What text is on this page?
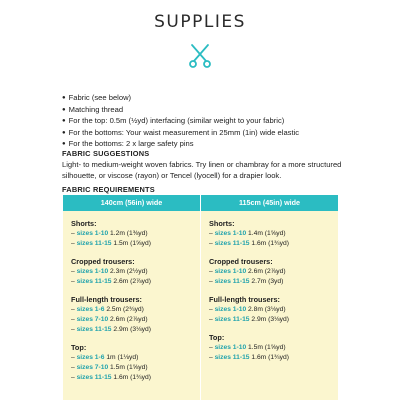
SUPPLIES
● Fabric (see below)
● Matching thread
● For the top: 0.5m (½yd) interfacing (similar weight to your fabric)
● For the bottoms: Your waist measurement in 25mm (1in) wide elastic
● For the bottoms: 2 x large safety pins
FABRIC SUGGESTIONS

Light- to medium-weight woven fabrics. Try linen or chambray for a more structured silhouette, or viscose (rayon) or Tencel (lyocell) for a drapier look.

FABRIC REQUIREMENTS
140cm (56in) wide
Shorts:
– sizes 1-10 1.2m (1⅜yd)
– sizes 11-15 1.5m (1⅝yd)
Cropped trousers:
– sizes 1-10 2.3m (2½yd)
– sizes 11-15 2.6m (2⅞yd)
Full-length trousers:
– sizes 1-6 2.5m (2¾yd)
– sizes 7-10 2.6m (2⅞yd)
– sizes 11-15 2.9m (3⅛yd)
Top:
– sizes 1-6 1m (1⅛yd)
– sizes 7-10 1.5m (1⅝yd)
– sizes 11-15 1.6m (1¾yd)
115cm (45in) wide
Shorts:
– sizes 1-10 1.4m (1⅝yd)
– sizes 11-15 1.6m (1¾yd)
Cropped trousers:
– sizes 1-10 2.6m (2⅞yd)
– sizes 11-15 2.7m (3yd)
Full-length trousers:
– sizes 1-10 2.8m (3⅛yd)
– sizes 11-15 2.9m (3⅛yd)
Top:
– sizes 1-10 1.5m (1⅝yd)
– sizes 11-15 1.6m (1¾yd)
